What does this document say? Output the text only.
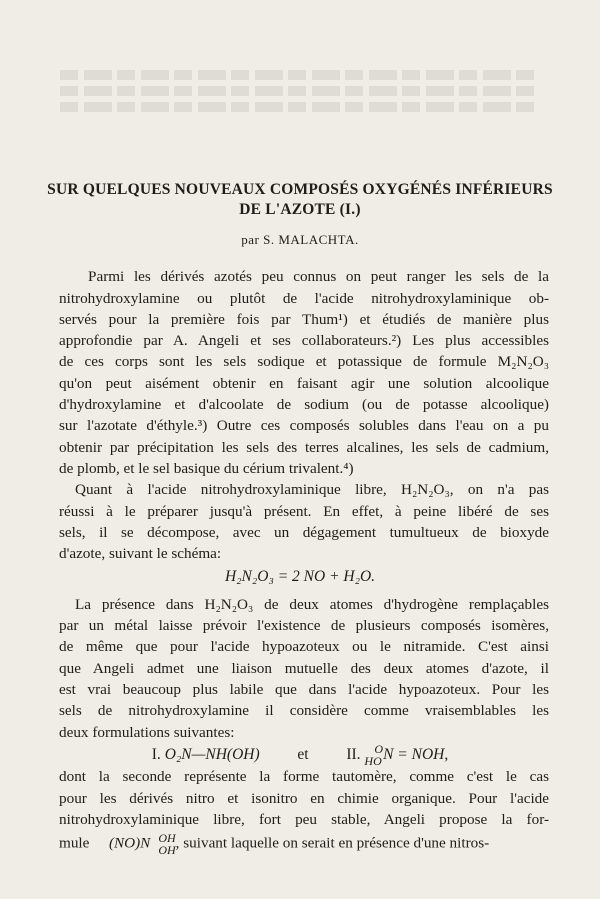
SUR QUELQUES NOUVEAUX COMPOSÉS OXYGÉNÉS INFÉRIEURS
DE L'AZOTE (I.)
par S. MALACHTA.
Parmi les dérivés azotés peu connus on peut ranger les sels de la
nitrohydroxylamine ou plutôt de l'acide nitrohydroxylaminique ob-
servés pour la première fois par Thum¹) et étudiés de manière plus
approfondie par A. Angeli et ses collaborateurs.²) Les plus accessibles
de ces corps sont les sels sodique et potassique de formule M₂N₂O₃
qu'on peut aisément obtenir en faisant agir une solution alcoolique
d'hydroxylamine et d'alcoolate de sodium (ou de potasse alcoolique)
sur l'azotate d'éthyle.³) Outre ces composés solubles dans l'eau on a pu
obtenir par précipitation les sels des terres alcalines, les sels de cadmium,
de plomb, et le sel basique du cérium trivalent.⁴)
Quant à l'acide nitrohydroxylaminique libre, H₂N₂O₃, on n'a pas
réussi à le préparer jusqu'à présent. En effet, à peine libéré de ses
sels, il se décompose, avec un dégagement tumultueux de bioxyde
d'azote, suivant le schéma:
H₂N₂O₃ = 2 NO + H₂O.
La présence dans H₂N₂O₃ de deux atomes d'hydrogène remplaçables
par un métal laisse prévoir l'existence de plusieurs composés isomères,
de même que pour l'acide hypoazoteux ou le nitramide. C'est ainsi
que Angeli admet une liaison mutuelle des deux atomes d'azote, il
est vrai beaucoup plus labile que dans l'acide hypoazoteux. Pour les
sels de nitrohydroxylamine il considère comme vraisemblables les
deux formulations suivantes:
I. O₂N—NH(OH) et II.	O
HO N = NOH,
dont la seconde représente la forme tautomère, comme c'est le cas
pour les dérivés nitro et isonitro en chimie organique. Pour l'acide
nitrohydroxylaminique libre, fort peu stable, Angeli propose la for-
mule (NO)N OH
OH , suivant laquelle on serait en présence d'une nitros-
